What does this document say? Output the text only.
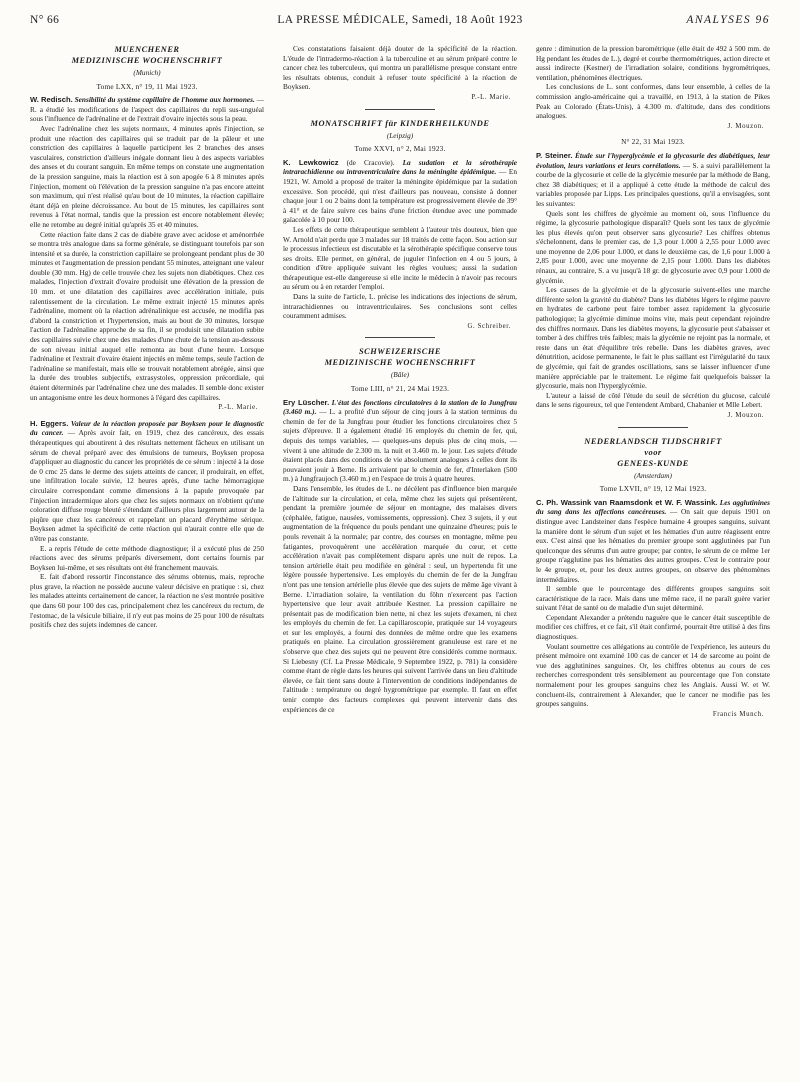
N° 66	LA PRESSE MÉDICALE, Samedi, 18 Août 1923	ANALYSES 96
MUENCHENER
MEDIZINISCHE WOCHENSCHRIFT
(Munich)
Tome LXX, n° 19, 11 Mai 1923.

W. Redisch. Sensibilité du système capillaire de l'homme aux hormones. — R. a étudié les modifications de l'aspect des capillaires du repli sus-unguéal sous l'influence de l'adrénaline et de l'extrait d'ovaire injectés sous la peau.

Avec l'adrénaline chez les sujets normaux, 4 minutes après l'injection, se produit une réaction des capillaires qui se traduit par de la pâleur et une constriction des capillaires à laquelle participent les 2 branches des anses vasculaires, constriction d'ailleurs inégale donnant lieu à des aspects variables des anses et du courant sanguin. En même temps on constate une augmentation de la pression sanguine, mais la réaction est à son apogée 6 à 8 minutes après l'injection, moment où l'élévation de la pression sanguine n'a pas encore atteint son maximum, qui n'est réalisé qu'au bout de 10 minutes, la réaction capillaire étant déjà en pleine décroissance. Au bout de 15 minutes, les capillaires sont revenus à l'état normal, tandis que la pression est encore notablement élevée; elle ne retombe au degré initial qu'après 35 et 40 minutes.

Cette réaction faite dans 2 cas de diabète grave avec acidose et aménorrhée se montra très analogue dans sa forme générale, se distinguant toutefois par son intensité et sa durée, la constriction capillaire se prolongeant pendant plus de 30 minutes et l'augmentation de pression pendant 55 minutes, atteignant une valeur double (30 mm. Hg) de celle trouvée chez les sujets non diabétiques. Chez ces malades, l'injection d'extrait d'ovaire produisit une élévation de la pression de 10 mm. et une dilatation des capillaires avec accélération initiale, puis ralentissement de la circulation. Le même extrait injecté 15 minutes après l'adrénaline, moment où la réaction adrénalinique est accusée, ne modifia pas d'abord la constriction et l'hypertension, mais au bout de 30 minutes, lorsque l'action de l'adrénaline approche de sa fin, il se produisit une dilatation subite des capillaires suivie chez une des malades d'une chute de la tension au-dessous de son niveau initial auquel elle remonta au bout d'une heure. Lorsque l'adrénaline et l'extrait d'ovaire étaient injectés en même temps, seule l'action de l'adrénaline se manifestait, mais elle se trouvait notablement abrégée, ainsi que la durée des troubles subjectifs, extrasystoles, oppression précordiale, qui étaient déterminés par l'adrénaline chez une des malades. Il semble donc exister un antagonisme entre les deux hormones à l'égard des capillaires.

P.-L. Marie.

H. Eggers. Valeur de la réaction proposée par Boyksen pour le diagnostic du cancer. — Après avoir fait, en 1919, chez des cancéreux, des essais thérapeutiques qui aboutirent à des résultats nettement fâcheux en utilisant un sérum de cheval préparé avec des émulsions de tumeurs, Boyksen proposa d'appliquer au diagnostic du cancer les propriétés de ce sérum : injecté à la dose de 0 cmc 25 dans le derme des sujets atteints de cancer, il produirait, en effet, une infiltration locale suivie, 12 heures après, d'une tache hémorragique circulaire correspondant comme dimensions à la papule provoquée par l'injection intradermique alors que chez les sujets normaux on n'obtient qu'une coloration diffuse rouge bleuté s'étendant d'ailleurs plus largement autour de la piqûre que chez les cancéreux et rappelant un placard d'érythème sérique. Boyksen admet la spécificité de cette réaction qui n'aurait contre elle que de n'être pas constante.

E. a repris l'étude de cette méthode diagnostique; il a exécuté plus de 250 réactions avec des sérums préparés diversement, dont certains fournis par Boyksen lui-même, et ses résultats ont été franchement mauvais.

E. fait d'abord ressortir l'inconstance des sérums obtenus, mais, reproche plus grave, la réaction ne possède aucune valeur décisive en pratique : si, chez les malades atteints certainement de cancer, la réaction ne s'est montrée positive que dans 60 pour 100 des cas, principalement chez les cancéreux du rectum, de l'estomac, de la vésicule biliaire, il n'y eut pas moins de 25 pour 100 de résultats positifs chez des sujets indemnes de cancer.

Ces constatations faisaient déjà douter de la spécificité de la réaction. L'étude de l'intradermo-réaction à la tuberculine et au sérum préparé contre le cancer chez les tuberculeux, qui montra un parallélisme presque constant entre les résultats obtenus, conduit à refuser toute spécificité à la réaction de Boyksen.

P.-L. Marie.
MONATSCHRIFT für KINDERHEILKUNDE
(Leipzig)
Tome XXVI, n° 2, Mai 1923.

K. Lewkowicz (de Cracovie). La sudation et la sérothérapie intrarachidienne ou intraventriculaire dans la méningite épidémique. — En 1921, W. Arnold a proposé de traiter la méningite épidémique par la sudation excessive. Son procédé, qui n'est d'ailleurs pas nouveau, consiste à donner chaque jour 1 ou 2 bains dont la température est progressivement élevée de 39° à 41° et de faire suivre ces bains d'une friction étendue avec une pommade gaïacolée à 10 pour 100.

Les effets de cette thérapeutique semblent à l'auteur très douteux, bien que W. Arnold n'ait perdu que 3 malades sur 18 traités de cette façon. Sou action sur le processus infectieux est discutable et la sérothérapie spécifique conserve tous ses droits. Elle permet, en général, de juguler l'infection en 4 ou 5 jours, à condition d'être appliquée suivant les règles voulues; aussi la sudation thérapeutique est-elle dangereuse si elle incite le médecin à n'avoir pas recours au sérum ou à en retarder l'emploi.

Dans la suite de l'article, L. précise les indications des injections de sérum, intrarachidiennes ou intraventriculaires. Ses conclusions sont celles couramment admises.

G. Schreiber.
SCHWEIZERISCHE
MEDIZINISCHE WOCHENSCHRIFT
(Bâle)
Tome LIII, n° 21, 24 Mai 1923.

Ery Lüscher. L'état des fonctions circulatoires à la station de la Jungfrau (3.460 m.). — L. a profité d'un séjour de cinq jours à la station terminus du chemin de fer de la Jungfrau pour étudier les fonctions circulatoires chez 5 sujets d'épreuve. Il a également étudié 16 employés du chemin de fer, qui, depuis des temps variables, — quelques-uns depuis plus de cinq mois, — vivent à une altitude de 2.300 m. la nuit et 3.460 m. le jour. Les sujets d'étude étaient placés dans des conditions de vie absolument analogues à celles dont ils pouvaient jouir à Berne. Ils arrivaient par le chemin de fer, d'Interlaken (500 m.) à Jungfraujoch (3.460 m.) en l'espace de trois à quatre heures.

Dans l'ensemble, les études de L. ne décèlent pas d'influence bien marquée de l'altitude sur la circulation, et cela, même chez les sujets qui présentèrent, pendant la première journée de séjour en montagne, des malaises divers (céphalée, fatigue, nausées, vomissements, oppression). Chez 3 sujets, il y eut augmentation de la fréquence du pouls pendant une quinzaine d'heures; puis le pouls revenait à la normale; par contre, des courses en montagne, même peu fatigantes, provoquèrent une accélération marquée du cœur, et cette accélération n'avait pas complètement disparu après une nuit de repos. La tension artérielle était peu modifiée en général : seul, un hypertendu fit une légère poussée hypertensive. Les employés du chemin de fer de la Jungfrau n'ont pas une tension artérielle plus élevée que des sujets de même âge vivant à Berne. L'irradiation solaire, la ventilation du föhn n'exercent pas l'action hypertensive que leur avait attribuée Kestner. La pression capillaire ne présentait pas de modification bien nette, ni chez les sujets d'examen, ni chez les employés du chemin de fer. La capillaroscopie, pratiquée sur 14 voyageurs et sur les employés, a fourni des données de même ordre que les examens pratiqués en plaine. La circulation grossièrement granuleuse est rare et ne s'observe que chez des sujets qui ne peuvent être considérés comme normaux. Si Liebesny (Cf. La Presse Médicale, 9 Septembre 1922, p. 781) la considère comme étant de règle dans les heures qui suivent l'arrivée dans un lieu d'altitude élevée, ce fait tient sans doute à l'intervention de conditions indépendantes de l'altitude : température ou degré hygrométrique par exemple. Il faut en effet tenir compte des facteurs complexes qui peuvent intervenir dans des expériences de ce

genre : diminution de la pression barométrique (elle était de 492 à 500 mm. de Hg pendant les études de L.), degré et courbe thermométriques, action directe et aussi indirecte (Kestner) de l'irradiation solaire, conditions hygrométriques, ventilation, phénomènes électriques.

Les conclusions de L. sont conformes, dans leur ensemble, à celles de la commission anglo-américaine qui a travaillé, en 1913, à la station de Pikes Peak au Colorado (États-Unis), à 4.300 m. d'altitude, dans des conditions analogues.

J. Mouzon.
N° 22, 31 Mai 1923.

P. Steiner. Étude sur l'hyperglycémie et la glycosurie des diabétiques, leur évolution, leurs variations et leurs corrélations. — S. a suivi parallèlement la courbe de la glycosurie et celle de la glycémie mesurée par la méthode de Bang, chez 38 diabétiques; et il a appliqué à cette étude la méthode de calcul des variables proposée par Lipps. Les principales questions, qu'il a envisagées, sont les suivantes:

Quels sont les chiffres de glycémie au moment où, sous l'influence du régime, la glycosurie pathologique disparaît? Quels sont les taux de glycémie les plus élevés qu'on peut observer sans glycosurie? Les chiffres obtenus s'échelonnent, dans le premier cas, de 1,3 pour 1.000 à 2,55 pour 1.000 avec une moyenne de 2,06 pour 1.000, et dans le deuxième cas, de 1,6 pour 1.000 à 2,85 pour 1.000, avec une moyenne de 2,15 pour 1.000. Dans les diabètes rénaux, au contraire, S. a vu jusqu'à 18 gr. de glycosurie avec 0,9 pour 1.000 de glycémie.

Les causes de la glycémie et de la glycosurie suivent-elles une marche différente selon la gravité du diabète? Dans les diabètes légers le régime pauvre en hydrates de carbone peut faire tomber assez rapidement la glycosurie pathologique; la glycémie diminue moins vite, mais peut cependant rejoindre des chiffres normaux. Dans les diabètes moyens, la glycosurie peut s'abaisser et tomber à des chiffres très faibles; mais la glycémie ne rejoint pas la normale, et reste dans un état d'équilibre très rebelle. Dans les diabètes graves, avec dénutrition, acidose permanente, le fait le plus saillant est l'irrégularité du taux de glycémie, qui fait de grandes oscillations, sans se laisser influencer d'une manière appréciable par le traitement. Le régime fait quelquefois baisser la glycosurie, mais non l'hyperglycémie.

L'auteur a laissé de côté l'étude du seuil de sécrétion du glucose, calculé dans le sens rigoureux, tel que l'entendent Ambard, Chabanier et Mlle Lebert.

J. Mouzon.
NEDERLANDSCH TIJDSCHRIFT
voor
GENEES-KUNDE
(Amsterdam)
Tome LXVII, n° 19, 12 Mai 1923.

C. Ph. Wassink van Raamsdonk et W. F. Wassink. Les agglutinines du sang dans les affections cancéreuses. — On sait que depuis 1901 on distingue avec Landsteiner dans l'espèce humaine 4 groupes sanguins, suivant la manière dont le sérum d'un sujet et les hématies d'un autre réagissent entre eux. C'est ainsi que les hématies du premier groupe sont agglutinées par l'un quelconque des sérums d'un autre groupe; par contre, le sérum de ce même 1er groupe n'agglutine pas les hématies des autres groupes. C'est le contraire pour le 4e groupe, et, pour les deux autres groupes, on observe des phénomènes intermédiaires.

Il semble que le pourcentage des différents groupes sanguins soit caractéristique de la race. Mais dans une même race, il ne paraît guère varier suivant l'état de santé ou de maladie d'un sujet déterminé.

Cependant Alexander a prétendu naguère que le cancer était susceptible de modifier ces chiffres, et ce fait, s'il était confirmé, pourrait être utilisé à des fins diagnostiques.

Voulant soumettre ces allégations au contrôle de l'expérience, les auteurs du présent mémoire ont examiné 100 cas de cancer et 14 de sarcome au point de vue des agglutinines sanguines. Or, les chiffres obtenus au cours de ces recherches correspondent très sensiblement au pourcentage que l'on constate normalement pour les groupes sanguins chez les Anglais. Aussi W. et W. concluent-ils, contrairement à Alexander, que le cancer ne modifie pas les groupes sanguins.

Francis Munch.
